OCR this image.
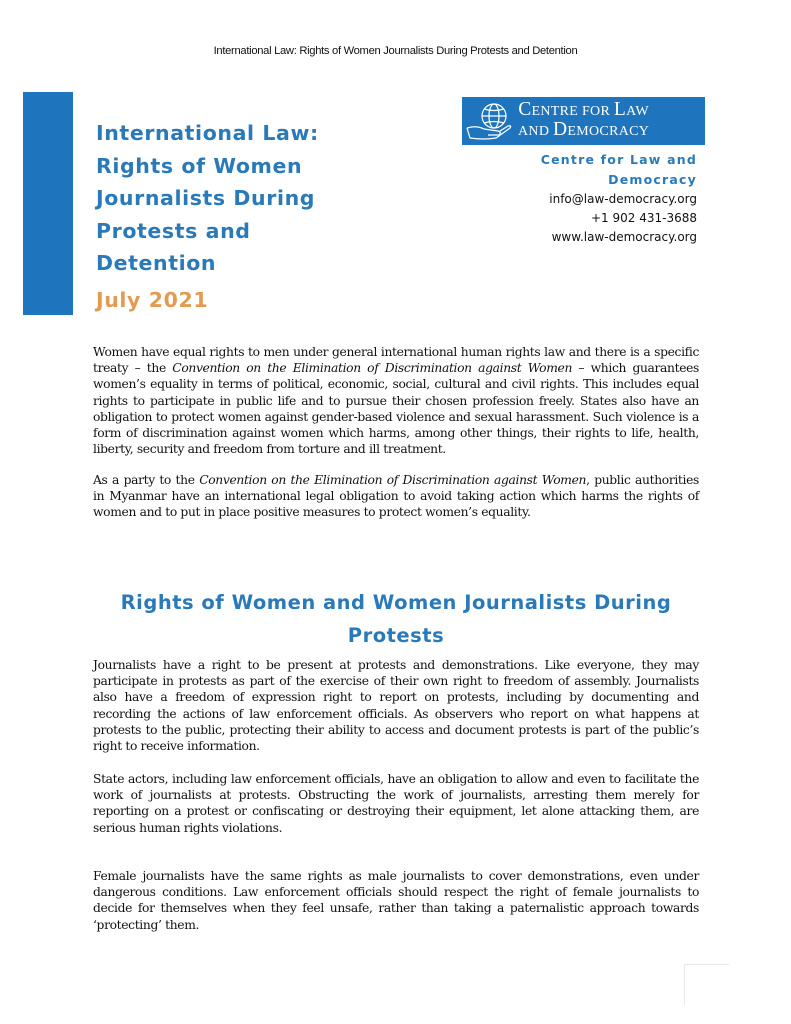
International Law: Rights of Women Journalists During Protests and Detention
International Law:
Rights of Women
Journalists During
Protests and
Detention
July 2021
CENTRE FOR LAW
AND DEMOCRACY
Centre for Law and
Democracy
info@law-democracy.org
+1 902 431-3688
www.law-democracy.org

Women have equal rights to men under general international human rights law and there is a specific treaty – the Convention on the Elimination of Discrimination against Women – which guarantees women’s equality in terms of political, economic, social, cultural and civil rights. This includes equal rights to participate in public life and to pursue their chosen profession freely. States also have an obligation to protect women against gender-based violence and sexual harassment. Such violence is a form of discrimination against women which harms, among other things, their rights to life, health, liberty, security and freedom from torture and ill treatment.

As a party to the Convention on the Elimination of Discrimination against Women, public authorities in Myanmar have an international legal obligation to avoid taking action which harms the rights of women and to put in place positive measures to protect women’s equality.

Rights of Women and Women Journalists During
Protests

Journalists have a right to be present at protests and demonstrations. Like everyone, they may participate in protests as part of the exercise of their own right to freedom of assembly. Journalists also have a freedom of expression right to report on protests, including by documenting and recording the actions of law enforcement officials. As observers who report on what happens at protests to the public, protecting their ability to access and document protests is part of the public’s right to receive information.

State actors, including law enforcement officials, have an obligation to allow and even to facilitate the work of journalists at protests. Obstructing the work of journalists, arresting them merely for reporting on a protest or confiscating or destroying their equipment, let alone attacking them, are serious human rights violations.

Female journalists have the same rights as male journalists to cover demonstrations, even under dangerous conditions. Law enforcement officials should respect the right of female journalists to decide for themselves when they feel unsafe, rather than taking a paternalistic approach towards ‘protecting’ them.
